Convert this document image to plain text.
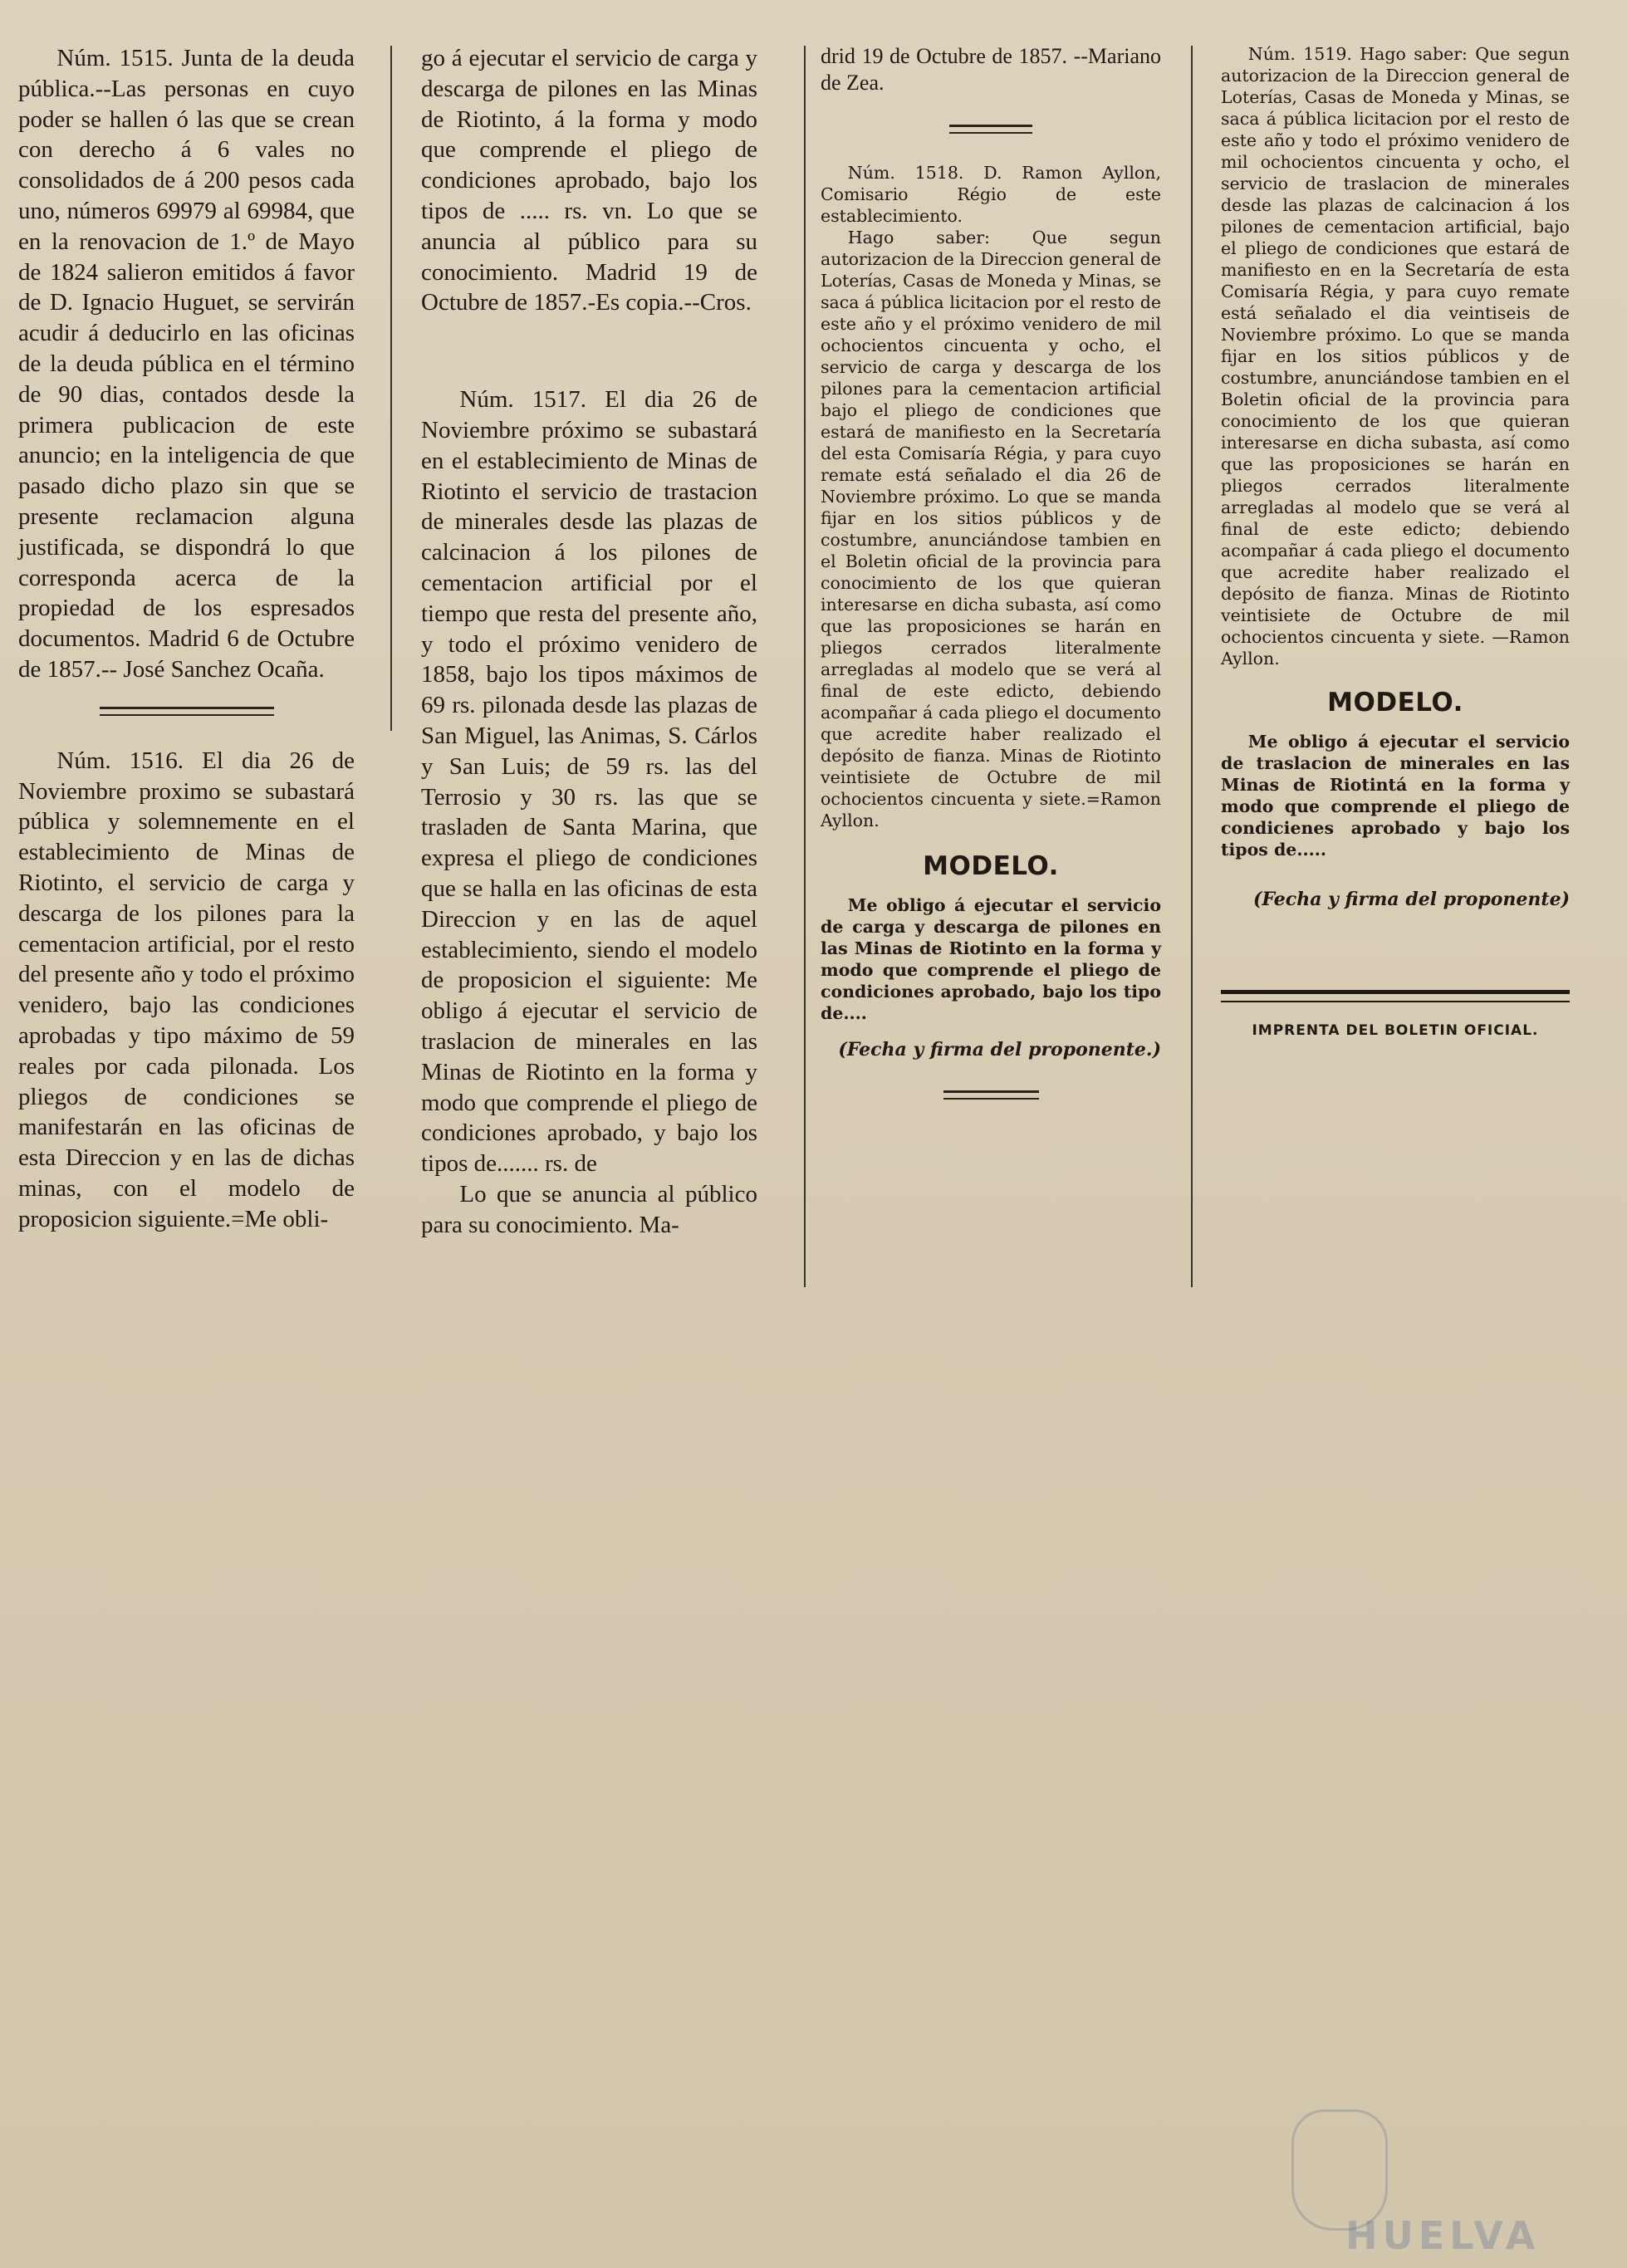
Núm. 1515. Junta de la deuda pública.--Las personas en cuyo poder se hallen ó las que se crean con derecho á 6 vales no consolidados de á 200 pesos cada uno, números 69979 al 69984, que en la renovacion de 1.º de Mayo de 1824 salieron emitidos á favor de D. Ignacio Huguet, se servirán acudir á deducirlo en las oficinas de la deuda pública en el término de 90 dias, contados desde la primera publicacion de este anuncio; en la inteligencia de que pasado dicho plazo sin que se presente reclamacion alguna justificada, se dispondrá lo que corresponda acerca de la propiedad de los espresados documentos. Madrid 6 de Octubre de 1857.-- José Sanchez Ocaña.

Núm. 1516. El dia 26 de Noviembre proximo se subastará pública y solemnemente en el establecimiento de Minas de Riotinto, el servicio de carga y descarga de los pilones para la cementacion artificial, por el resto del presente año y todo el próximo venidero, bajo las condiciones aprobadas y tipo máximo de 59 reales por cada pilonada. Los pliegos de condiciones se manifestarán en las oficinas de esta Direccion y en las de dichas minas, con el modelo de proposicion siguiente.=Me obli-

go á ejecutar el servicio de carga y descarga de pilones en las Minas de Riotinto, á la forma y modo que comprende el pliego de condiciones aprobado, bajo los tipos de ..... rs. vn. Lo que se anuncia al público para su conocimiento. Madrid 19 de Octubre de 1857.-Es copia.--Cros.

Núm. 1517. El dia 26 de Noviembre próximo se subastará en el establecimiento de Minas de Riotinto el servicio de trastacion de minerales desde las plazas de calcinacion á los pilones de cementacion artificial por el tiempo que resta del presente año, y todo el próximo venidero de 1858, bajo los tipos máximos de 69 rs. pilonada desde las plazas de San Miguel, las Animas, S. Cárlos y San Luis; de 59 rs. las del Terrosio y 30 rs. las que se trasladen de Santa Marina, que expresa el pliego de condiciones que se halla en las oficinas de esta Direccion y en las de aquel establecimiento, siendo el modelo de proposicion el siguiente: Me obligo á ejecutar el servicio de traslacion de minerales en las Minas de Riotinto en la forma y modo que comprende el pliego de condiciones aprobado, y bajo los tipos de....... rs. de

Lo que se anuncia al público para su conocimiento. Ma-

drid 19 de Octubre de 1857. --Mariano de Zea.

Núm. 1518. D. Ramon Ayllon, Comisario Régio de este establecimiento.

Hago saber: Que segun autorizacion de la Direccion general de Loterías, Casas de Moneda y Minas, se saca á pública licitacion por el resto de este año y el próximo venidero de mil ochocientos cincuenta y ocho, el servicio de carga y descarga de los pilones para la cementacion artificial bajo el pliego de condiciones que estará de manifiesto en la Secretaría del esta Comisaría Régia, y para cuyo remate está señalado el dia 26 de Noviembre próximo. Lo que se manda fijar en los sitios públicos y de costumbre, anunciándose tambien en el Boletin oficial de la provincia para conocimiento de los que quieran interesarse en dicha subasta, así como que las proposiciones se harán en pliegos cerrados literalmente arregladas al modelo que se verá al final de este edicto, debiendo acompañar á cada pliego el documento que acredite haber realizado el depósito de fianza. Minas de Riotinto veintisiete de Octubre de mil ochocientos cincuenta y siete.=Ramon Ayllon.

MODELO.

Me obligo á ejecutar el servicio de carga y descarga de pilones en las Minas de Riotinto en la forma y modo que comprende el pliego de condiciones aprobado, bajo los tipo de....

(Fecha y firma del proponente.)

Núm. 1519. Hago saber: Que segun autorizacion de la Direccion general de Loterías, Casas de Moneda y Minas, se saca á pública licitacion por el resto de este año y todo el próximo venidero de mil ochocientos cincuenta y ocho, el servicio de traslacion de minerales desde las plazas de calcinacion á los pilones de cementacion artificial, bajo el pliego de condiciones que estará de manifiesto en en la Secretaría de esta Comisaría Régia, y para cuyo remate está señalado el dia veintiseis de Noviembre próximo. Lo que se manda fijar en los sitios públicos y de costumbre, anunciándose tambien en el Boletin oficial de la provincia para conocimiento de los que quieran interesarse en dicha subasta, así como que las proposiciones se harán en pliegos cerrados literalmente arregladas al modelo que se verá al final de este edicto; debiendo acompañar á cada pliego el documento que acredite haber realizado el depósito de fianza. Minas de Riotinto veintisiete de Octubre de mil ochocientos cincuenta y siete. —Ramon Ayllon.

MODELO.

Me obligo á ejecutar el servicio de traslacion de minerales en las Minas de Riotintá en la forma y modo que comprende el pliego de condicienes aprobado y bajo los tipos de.....

(Fecha y firma del proponente)

IMPRENTA DEL BOLETIN OFICIAL.

HUELVA
